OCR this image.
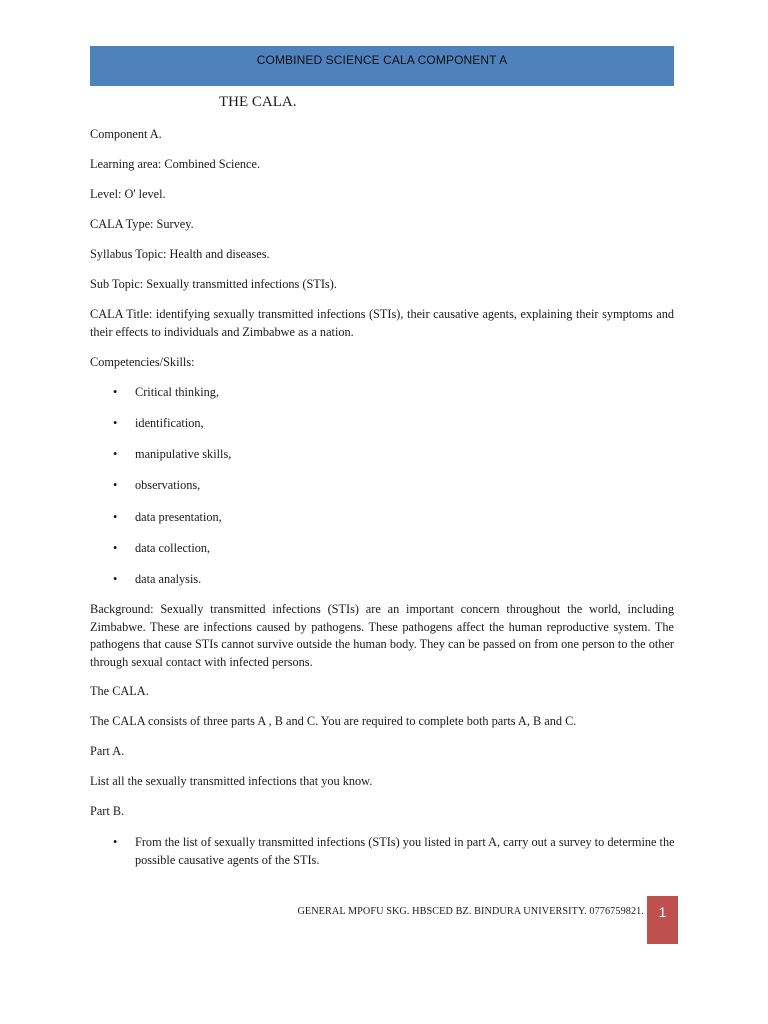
COMBINED SCIENCE CALA COMPONENT A
THE CALA.
Component A.
Learning area: Combined Science.
Level: O' level.
CALA Type: Survey.
Syllabus Topic: Health and diseases.
Sub Topic: Sexually transmitted infections (STIs).
CALA Title: identifying sexually transmitted infections (STIs), their causative agents, explaining their symptoms and their effects to individuals and Zimbabwe as a nation.
Competencies/Skills:
• Critical thinking,
• identification,
• manipulative skills,
• observations,
• data presentation,
• data collection,
• data analysis.
Background: Sexually transmitted infections (STIs) are an important concern throughout the world, including Zimbabwe. These are infections caused by pathogens. These pathogens affect the human reproductive system. The pathogens that cause STIs cannot survive outside the human body. They can be passed on from one person to the other through sexual contact with infected persons.
The CALA.
The CALA consists of three parts A , B and C. You are required to complete both parts A, B and C.
Part A.
List all the sexually transmitted infections that you know.
Part B.
• From the list of sexually transmitted infections (STIs) you listed in part A, carry out a survey to determine the possible causative agents of the STIs.
GENERAL MPOFU SKG. HBSCED BZ. BINDURA UNIVERSITY. 0776759821. 1
